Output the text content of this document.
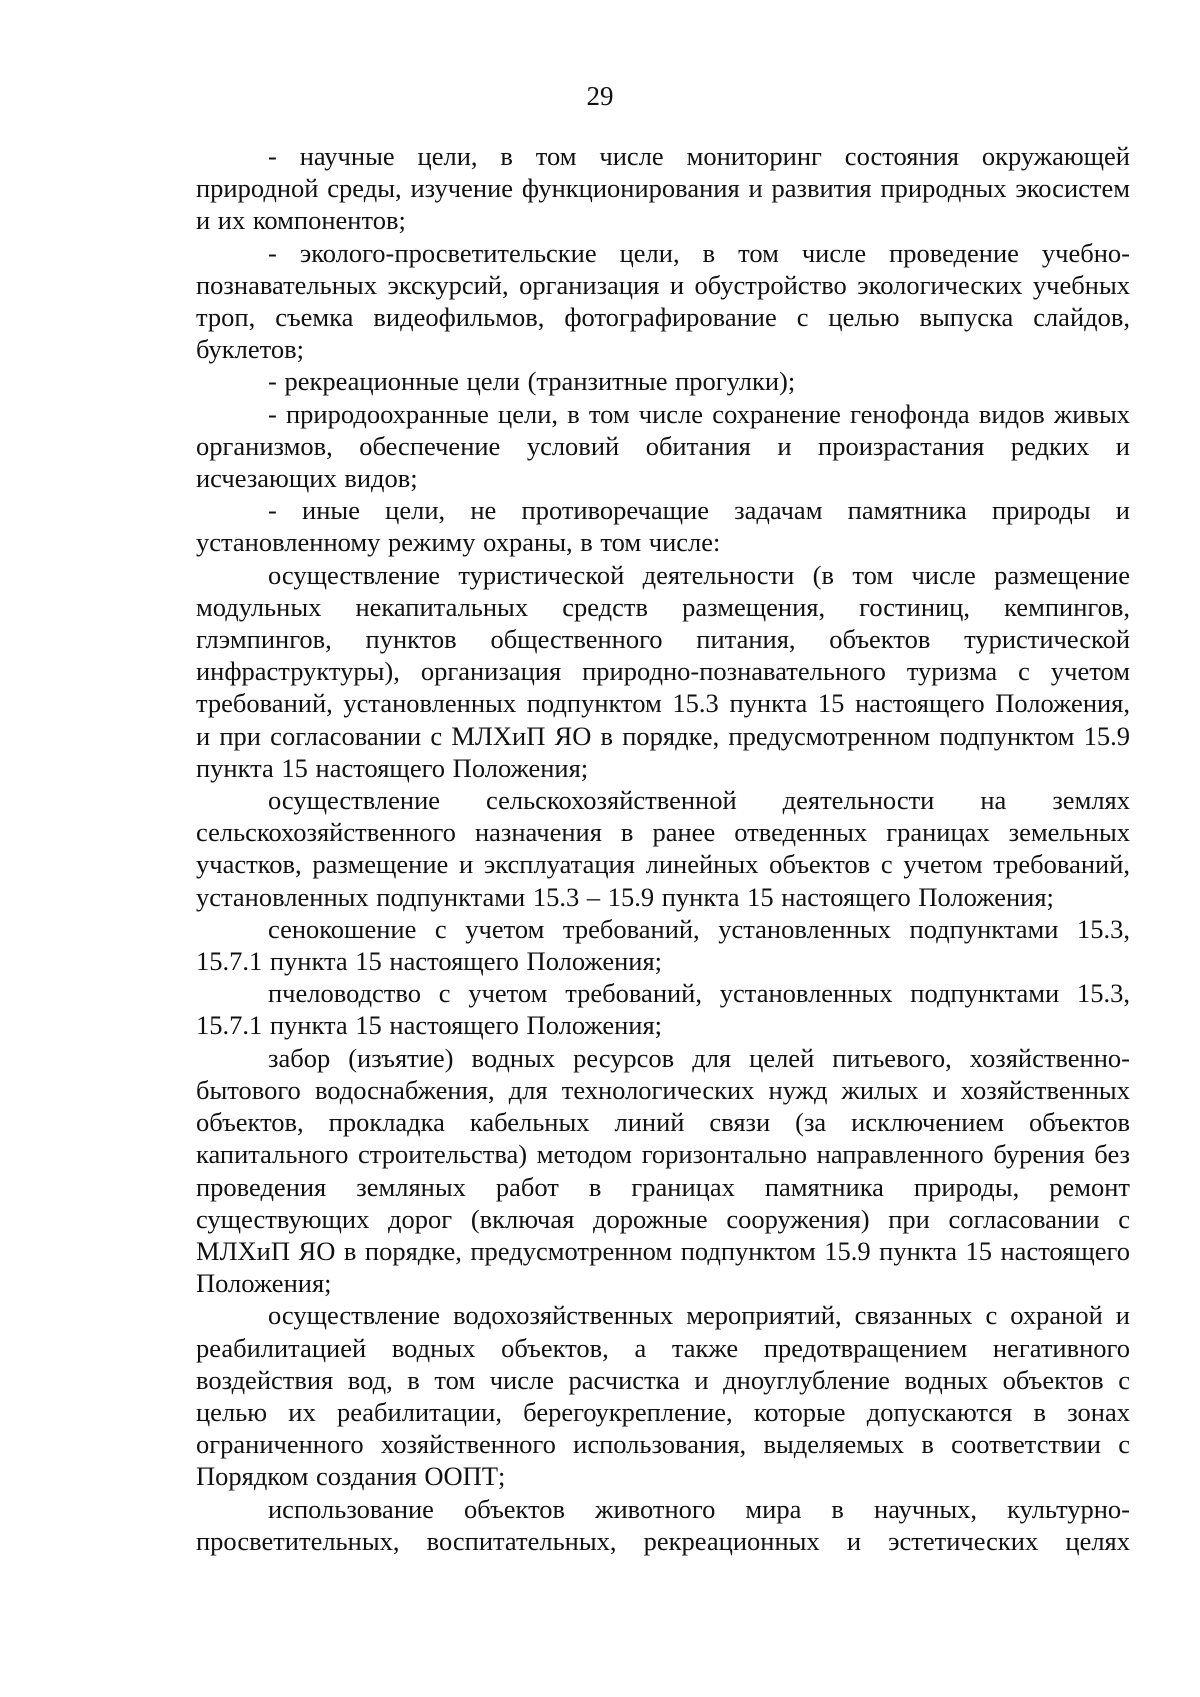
29

- научные цели, в том числе мониторинг состояния окружающей природной среды, изучение функционирования и развития природных экосистем и их компонентов;

- эколого-просветительские цели, в том числе проведение учебно-познавательных экскурсий, организация и обустройство экологических учебных троп, съемка видеофильмов, фотографирование с целью выпуска слайдов, буклетов;

- рекреационные цели (транзитные прогулки);

- природоохранные цели, в том числе сохранение генофонда видов живых организмов, обеспечение условий обитания и произрастания редких и исчезающих видов;

- иные цели, не противоречащие задачам памятника природы и установленному режиму охраны, в том числе:

осуществление туристической деятельности (в том числе размещение модульных некапитальных средств размещения, гостиниц, кемпингов, глэмпингов, пунктов общественного питания, объектов туристической инфраструктуры), организация природно-познавательного туризма с учетом требований, установленных подпунктом 15.3 пункта 15 настоящего Положения, и при согласовании с МЛХиП ЯО в порядке, предусмотренном подпунктом 15.9 пункта 15 настоящего Положения;

осуществление сельскохозяйственной деятельности на землях сельскохозяйственного назначения в ранее отведенных границах земельных участков, размещение и эксплуатация линейных объектов с учетом требований, установленных подпунктами 15.3 – 15.9 пункта 15 настоящего Положения;

сенокошение с учетом требований, установленных подпунктами 15.3, 15.7.1 пункта 15 настоящего Положения;

пчеловодство с учетом требований, установленных подпунктами 15.3, 15.7.1 пункта 15 настоящего Положения;

забор (изъятие) водных ресурсов для целей питьевого, хозяйственно-бытового водоснабжения, для технологических нужд жилых и хозяйственных объектов, прокладка кабельных линий связи (за исключением объектов капитального строительства) методом горизонтально направленного бурения без проведения земляных работ в границах памятника природы, ремонт существующих дорог (включая дорожные сооружения) при согласовании с МЛХиП ЯО в порядке, предусмотренном подпунктом 15.9 пункта 15 настоящего Положения;

осуществление водохозяйственных мероприятий, связанных с охраной и реабилитацией водных объектов, а также предотвращением негативного воздействия вод, в том числе расчистка и дноуглубление водных объектов с целью их реабилитации, берегоукрепление, которые допускаются в зонах ограниченного хозяйственного использования, выделяемых в соответствии с Порядком создания ООПТ;

использование объектов животного мира в научных, культурно-просветительных, воспитательных, рекреационных и эстетических целях
